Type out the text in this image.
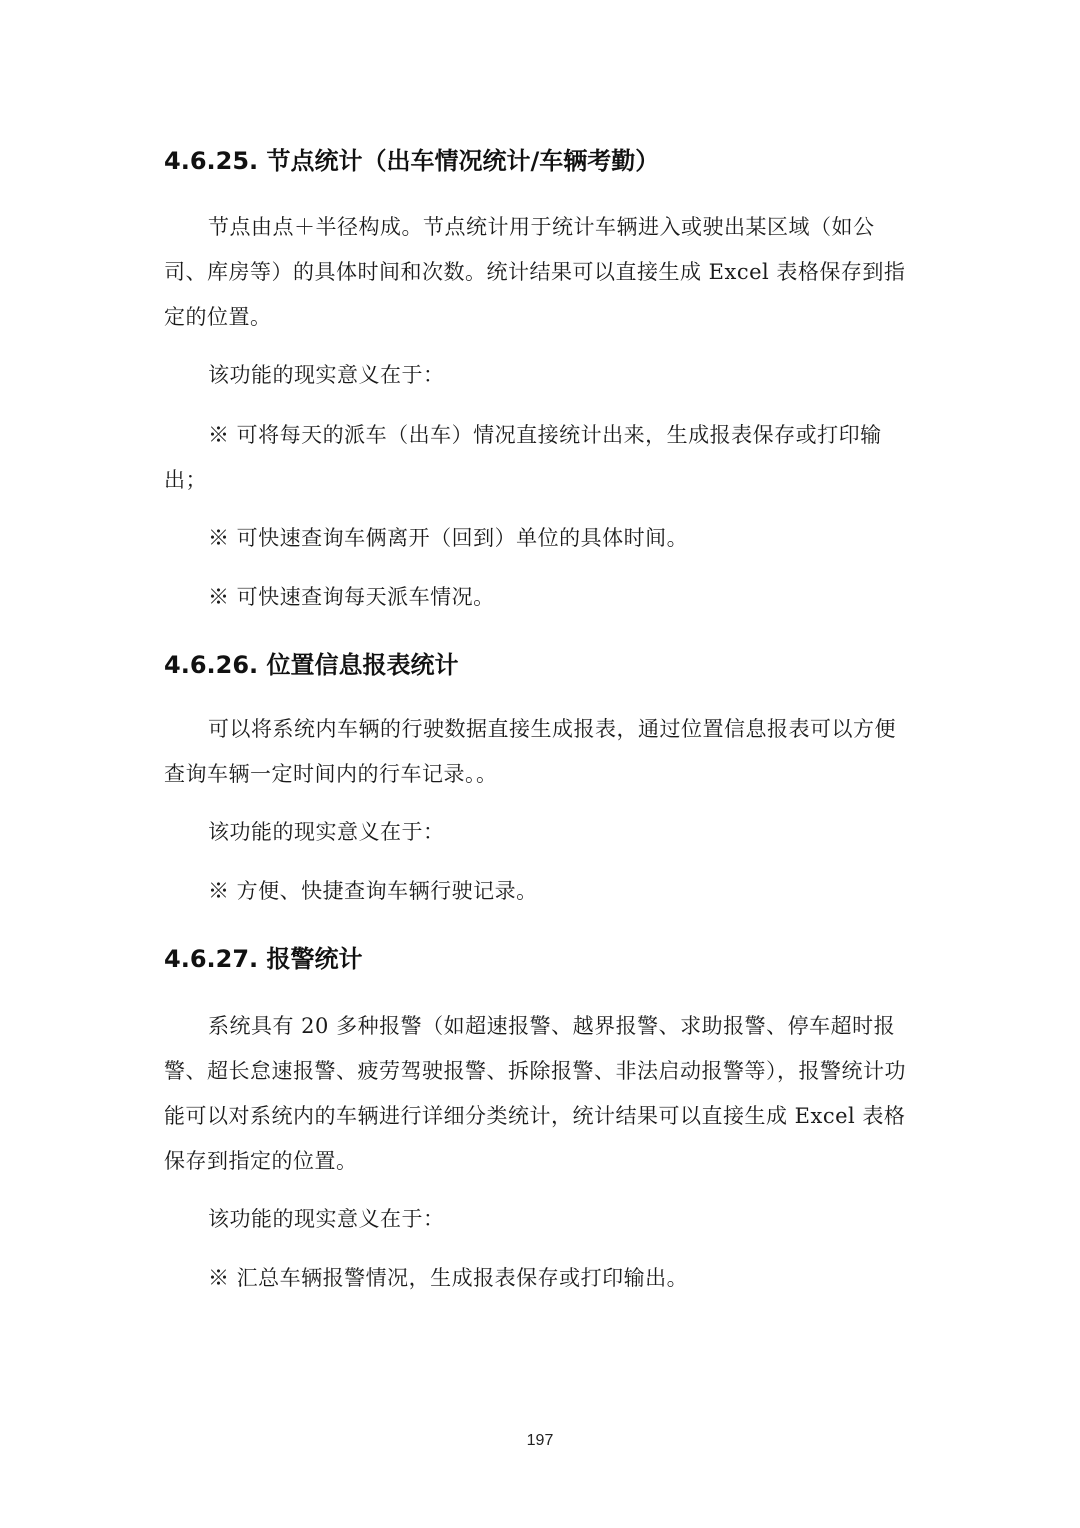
4.6.25. 节点统计（出车情况统计/车辆考勤）
节点由点＋半径构成。节点统计用于统计车辆进入或驶出某区域（如公司、库房等）的具体时间和次数。统计结果可以直接生成 Excel 表格保存到指定的位置。
该功能的现实意义在于：
※ 可将每天的派车（出车）情况直接统计出来，生成报表保存或打印输出；
※ 可快速查询车俩离开（回到）单位的具体时间。
※ 可快速查询每天派车情况。
4.6.26. 位置信息报表统计
可以将系统内车辆的行驶数据直接生成报表，通过位置信息报表可以方便查询车辆一定时间内的行车记录。。
该功能的现实意义在于：
※ 方便、快捷查询车辆行驶记录。
4.6.27. 报警统计
系统具有 20 多种报警（如超速报警、越界报警、求助报警、停车超时报警、超长怠速报警、疲劳驾驶报警、拆除报警、非法启动报警等），报警统计功能可以对系统内的车辆进行详细分类统计，统计结果可以直接生成 Excel 表格保存到指定的位置。
该功能的现实意义在于：
※ 汇总车辆报警情况，生成报表保存或打印输出。
197
